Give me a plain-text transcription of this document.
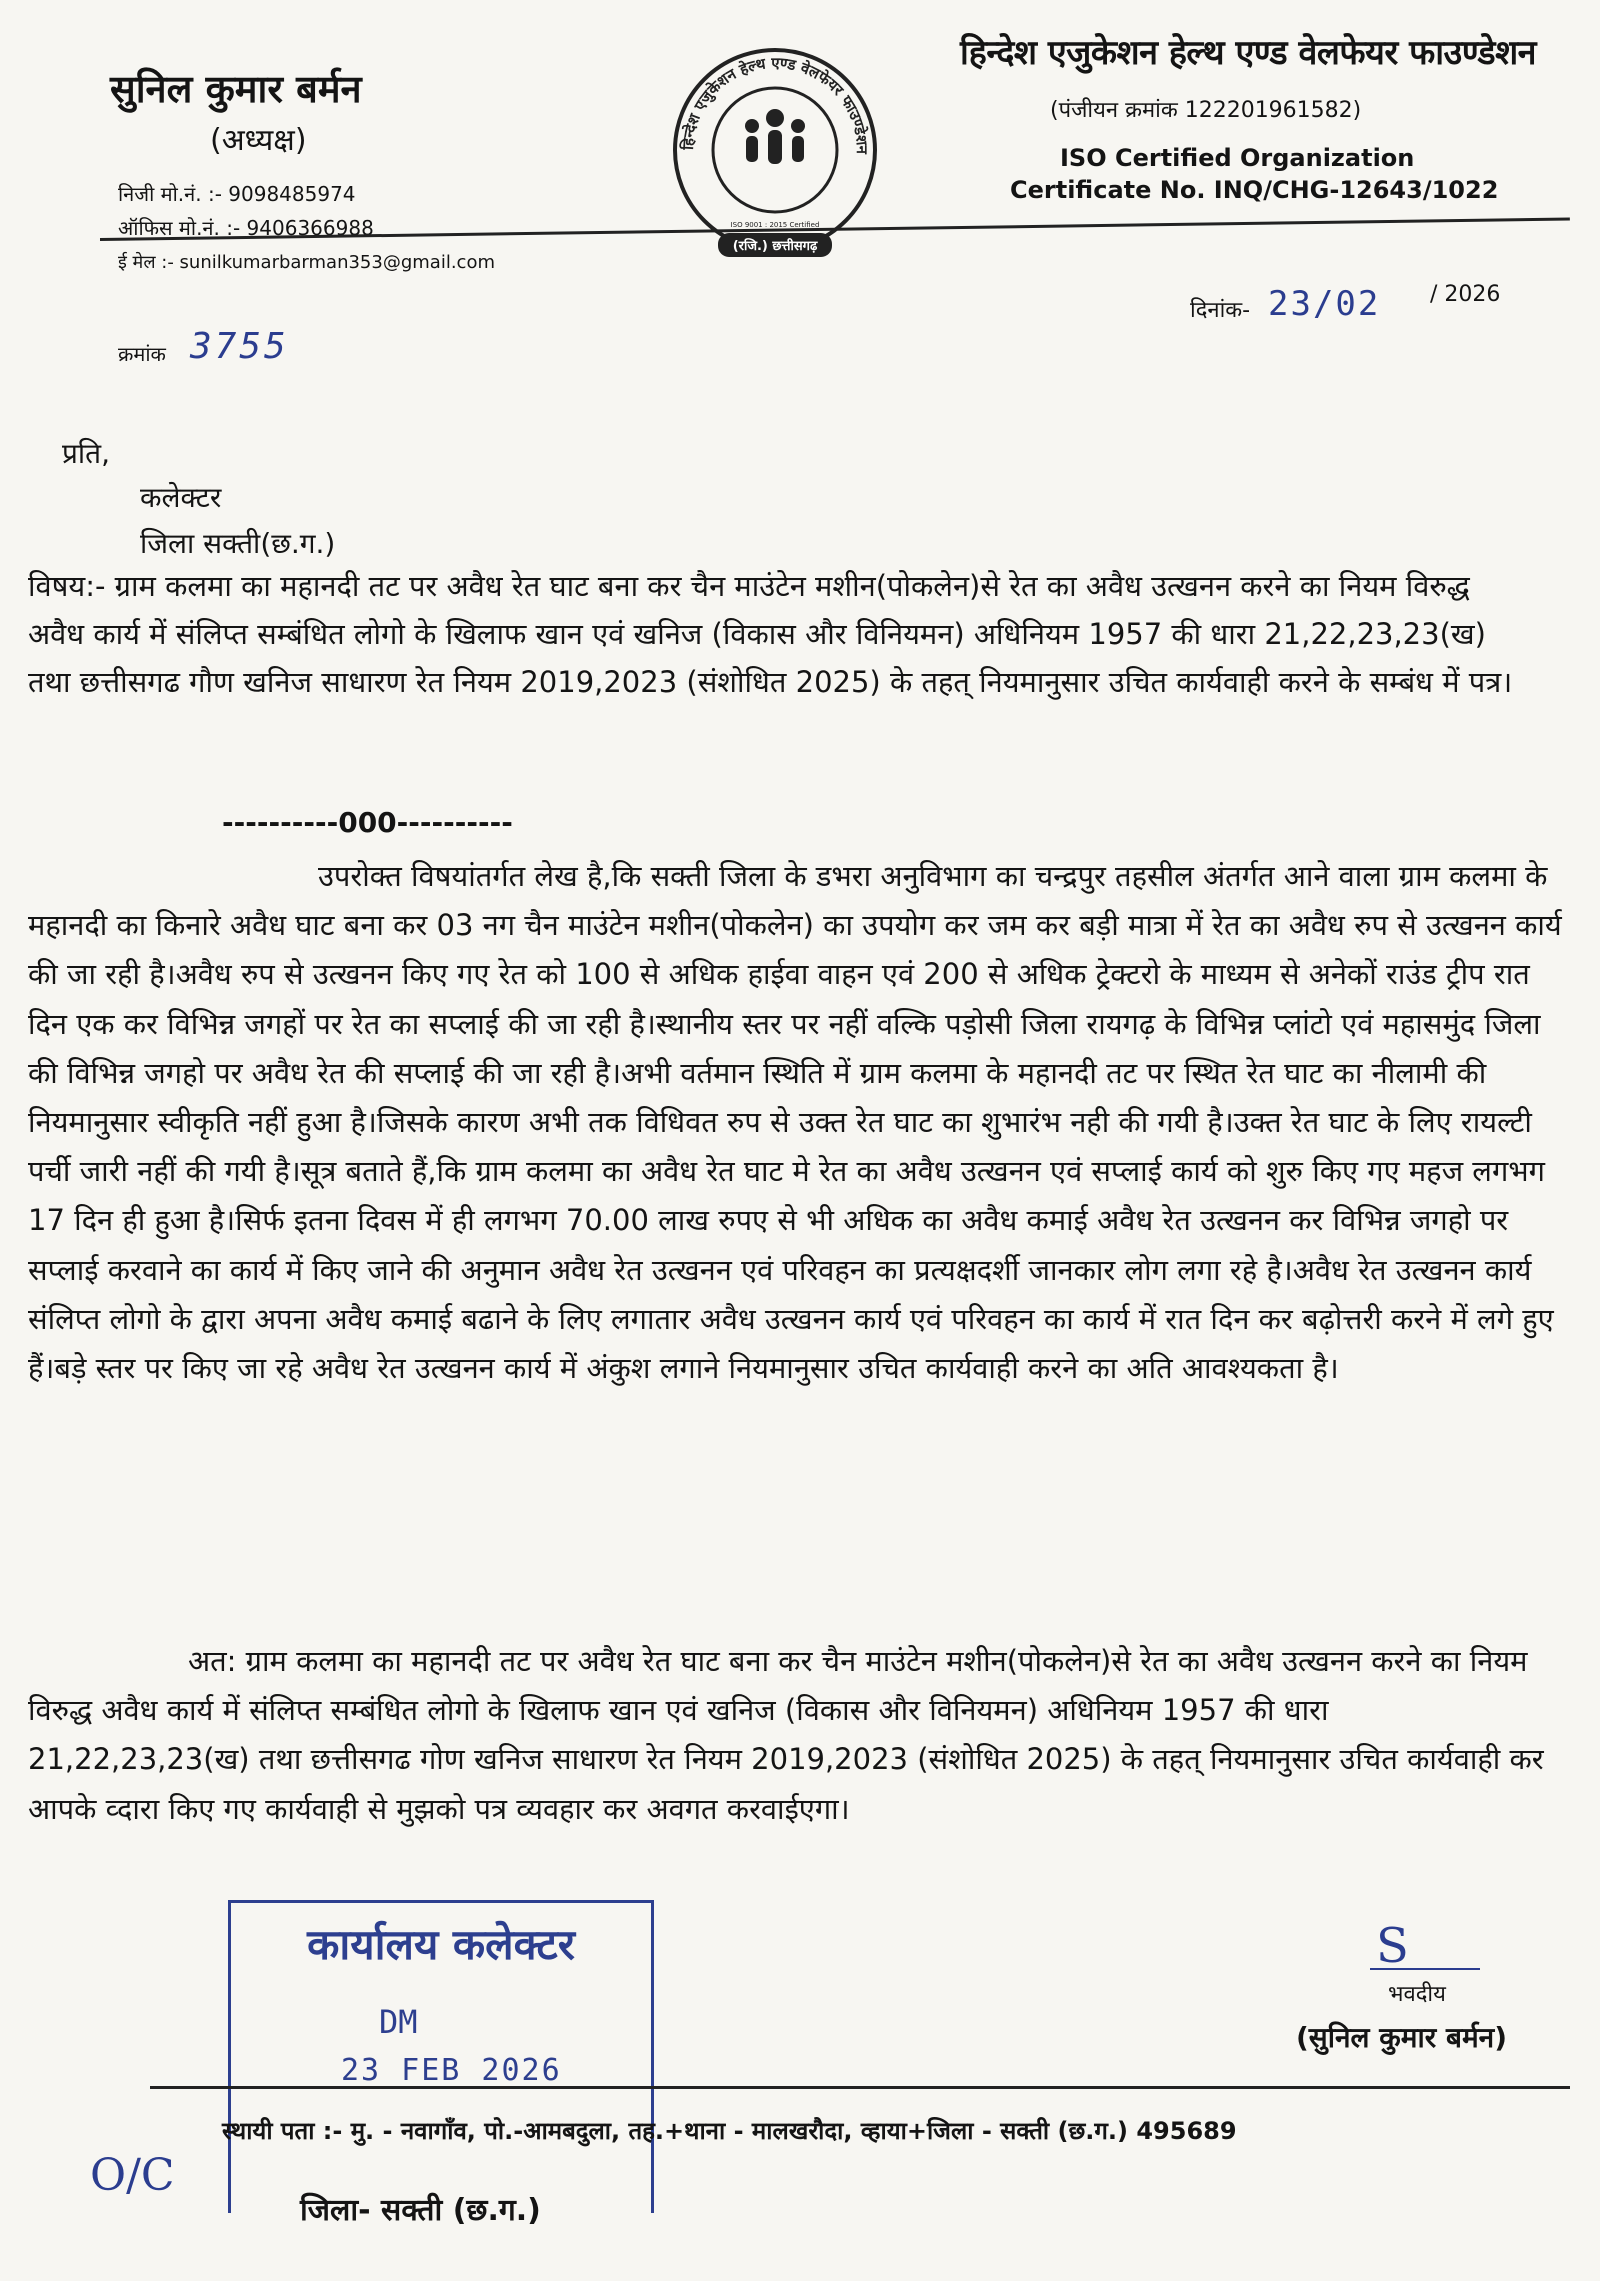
सुनिल कुमार बर्मन
(अध्यक्ष)
निजी मो.नं. :- 9098485974
ऑफिस मो.नं. :- 9406366988
ई मेल :- sunilkumarbarman353@gmail.com
हिन्देश एजुकेशन हेल्थ एण्ड वेलफेयर फाउण्डेशन
ISO 9001 : 2015 Certified
(रजि.) छत्तीसगढ़
हिन्देश एजुकेशन हेल्थ एण्ड वेलफेयर फाउण्डेशन
(पंजीयन क्रमांक 122201961582)
ISO Certified Organization
Certificate No. INQ/CHG-12643/1022
दिनांक- 23/02 / 2026
क्रमांक 3755
प्रति,
कलेक्टर
जिला सक्ती(छ.ग.)
विषय:- ग्राम कलमा का महानदी तट पर अवैध रेत घाट बना कर चैन माउंटेन मशीन(पोकलेन)से रेत का अवैध उत्खनन करने का नियम विरुद्ध अवैध कार्य में संलिप्त सम्बंधित लोगो के खिलाफ खान एवं खनिज (विकास और विनियमन) अधिनियम 1957 की धारा 21,22,23,23(ख) तथा छत्तीसगढ गौण खनिज साधारण रेत नियम 2019,2023 (संशोधित 2025) के तहत् नियमानुसार उचित कार्यवाही करने के सम्बंध में पत्र।
----------000----------
उपरोक्त विषयांतर्गत लेख है,कि सक्ती जिला के डभरा अनुविभाग का चन्द्रपुर तहसील अंतर्गत आने वाला ग्राम कलमा के महानदी का किनारे अवैध घाट बना कर 03 नग चैन माउंटेन मशीन(पोकलेन) का उपयोग कर जम कर बड़ी मात्रा में रेत का अवैध रुप से उत्खनन कार्य की जा रही है।अवैध रुप से उत्खनन किए गए रेत को 100 से अधिक हाईवा वाहन एवं 200 से अधिक ट्रेक्टरो के माध्यम से अनेकों राउंड ट्रीप रात दिन एक कर विभिन्न जगहों पर रेत का सप्लाई की जा रही है।स्थानीय स्तर पर नहीं वल्कि पड़ोसी जिला रायगढ़ के विभिन्न प्लांटो एवं महासमुंद जिला की विभिन्न जगहो पर अवैध रेत की सप्लाई की जा रही है।अभी वर्तमान स्थिति में ग्राम कलमा के महानदी तट पर स्थित रेत घाट का नीलामी की नियमानुसार स्वीकृति नहीं हुआ है।जिसके कारण अभी तक विधिवत रुप से उक्त रेत घाट का शुभारंभ नही की गयी है।उक्त रेत घाट के लिए रायल्टी पर्ची जारी नहीं की गयी है।सूत्र बताते हैं,कि ग्राम कलमा का अवैध रेत घाट मे रेत का अवैध उत्खनन एवं सप्लाई कार्य को शुरु किए गए महज लगभग 17 दिन ही हुआ है।सिर्फ इतना दिवस में ही लगभग 70.00 लाख रुपए से भी अधिक का अवैध कमाई अवैध रेत उत्खनन कर विभिन्न जगहो पर सप्लाई करवाने का कार्य में किए जाने की अनुमान अवैध रेत उत्खनन एवं परिवहन का प्रत्यक्षदर्शी जानकार लोग लगा रहे है।अवैध रेत उत्खनन कार्य संलिप्त लोगो के द्वारा अपना अवैध कमाई बढाने के लिए लगातार अवैध उत्खनन कार्य एवं परिवहन का कार्य में रात दिन कर बढ़ोत्तरी करने में लगे हुए हैं।बड़े स्तर पर किए जा रहे अवैध रेत उत्खनन कार्य में अंकुश लगाने नियमानुसार उचित कार्यवाही करने का अति आवश्यकता है।
अत: ग्राम कलमा का महानदी तट पर अवैध रेत घाट बना कर चैन माउंटेन मशीन(पोकलेन)से रेत का अवैध उत्खनन करने का नियम विरुद्ध अवैध कार्य में संलिप्त सम्बंधित लोगो के खिलाफ खान एवं खनिज (विकास और विनियमन) अधिनियम 1957 की धारा 21,22,23,23(ख) तथा छत्तीसगढ गोण खनिज साधारण रेत नियम 2019,2023 (संशोधित 2025) के तहत् नियमानुसार उचित कार्यवाही कर आपके व्दारा किए गए कार्यवाही से मुझको पत्र व्यवहार कर अवगत करवाईएगा।
S
भवदीय
(सुनिल कुमार बर्मन)
कार्यालय कलेक्टर
DM
23 FEB 2026
स्थायी पता :- मु. - नवागाँव, पो.-आमबदुला, तह.+थाना - मालखरौदा, व्हाया+जिला - सक्ती (छ.ग.) 495689
जिला- सक्ती (छ.ग.)
O/C
